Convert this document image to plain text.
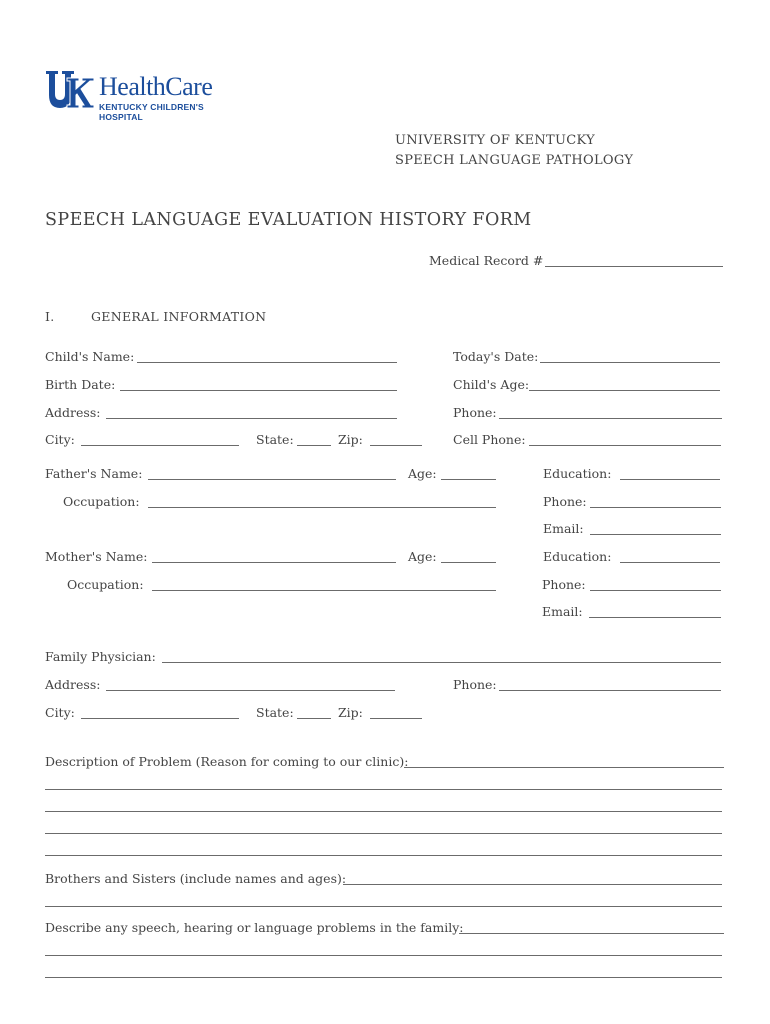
HealthCare
KENTUCKY CHILDREN'S
HOSPITAL
UNIVERSITY OF KENTUCKY
SPEECH LANGUAGE PATHOLOGY
SPEECH LANGUAGE EVALUATION HISTORY FORM
Medical Record #
I.	GENERAL INFORMATION
Child's Name:	Today's Date:
Birth Date:	Child's Age:
Address:	Phone:
City:	State:	Zip:	Cell Phone:
Father's Name:	Age:	Education:
Occupation:	Phone:
Email:
Mother's Name:	Age:	Education:
Occupation:	Phone:
Email:
Family Physician:
Address:	Phone:
City:	State:	Zip:
Description of Problem (Reason for coming to our clinic):
Brothers and Sisters (include names and ages):
Describe any speech, hearing or language problems in the family:
